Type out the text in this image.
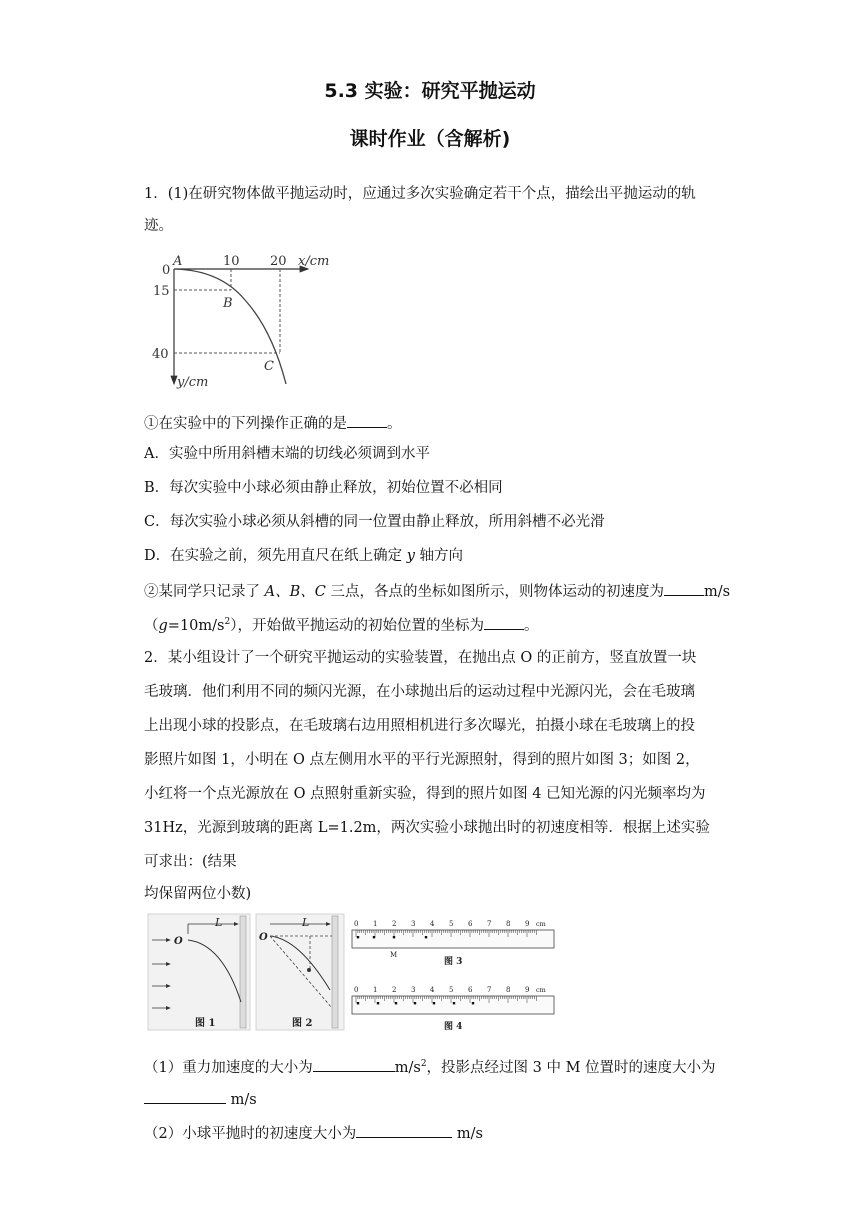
5.3 实验：研究平抛运动
课时作业（含解析)
1．(1)在研究物体做平抛运动时，应通过多次实验确定若干个点，描绘出平抛运动的轨
迹。
0
A	10 20 x/cm
15
40
B
C
y/cm
①在实验中的下列操作正确的是	。
A．实验中所用斜槽末端的切线必须调到水平
B．每次实验中小球必须由静止释放，初始位置不必相同
C．每次实验小球必须从斜槽的同一位置由静止释放，所用斜槽不必光滑
D．在实验之前，须先用直尺在纸上确定 y 轴方向
②某同学只记录了 A、B、C 三点，各点的坐标如图所示，则物体运动的初速度为	m/s
$(g=10m/s^2)$，开始做平抛运动的初始位置的坐标为	。
2．某小组设计了一个研究平抛运动的实验装置，在抛出点 O 的正前方，竖直放置一块
毛玻璃．他们利用不同的频闪光源，在小球抛出后的运动过程中光源闪光，会在毛玻璃
上出现小球的投影点，在毛玻璃右边用照相机进行多次曝光，拍摄小球在毛玻璃上的投
影照片如图 1，小明在 O 点左侧用水平的平行光源照射，得到的照片如图 3；如图 2，
小红将一个点光源放在 O 点照射重新实验，得到的照片如图 4 已知光源的闪光频率均为
31Hz，光源到玻璃的距离 L=1.2m，两次实验小球抛出时的初速度相等．根据上述实验
可求出：(结果
均保留两位小数)
L
O
图 1
L
O
图 2
0 1 2 3 4 5 6 7 8 9 cm
M
图 3
0 1 2 3 4 5 6 7 8 9 cm
图 4
（1）重力加速度的大小为	$m/s^2$，投影点经过图 3 中 M 位置时的速度大小为
m/s
（2）小球平抛时的初速度大小为	m/s
